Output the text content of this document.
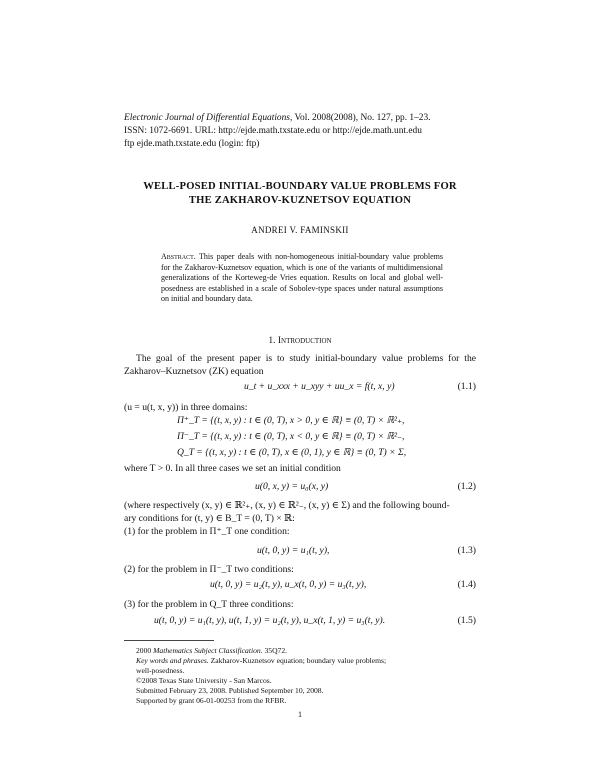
Electronic Journal of Differential Equations, Vol. 2008(2008), No. 127, pp. 1–23.
ISSN: 1072-6691. URL: http://ejde.math.txstate.edu or http://ejde.math.unt.edu
ftp ejde.math.txstate.edu (login: ftp)
WELL-POSED INITIAL-BOUNDARY VALUE PROBLEMS FOR
THE ZAKHAROV-KUZNETSOV EQUATION
ANDREI V. FAMINSKII
Abstract. This paper deals with non-homogeneous initial-boundary value problems for the Zakharov-Kuznetsov equation, which is one of the variants of multidimensional generalizations of the Korteweg-de Vries equation. Results on local and global well-posedness are established in a scale of Sobolev-type spaces under natural assumptions on initial and boundary data.
1. Introduction
The goal of the present paper is to study initial-boundary value problems for the Zakharov–Kuznetsov (ZK) equation
u_t + u_xxx + u_xyy + uu_x = f(t, x, y)	(1.1)
(u = u(t, x, y)) in three domains:
Π⁺_T = {(t, x, y) : t ∈ (0, T), x > 0, y ∈ ℝ} ≡ (0, T) × ℝ²₊,
Π⁻_T = {(t, x, y) : t ∈ (0, T), x < 0, y ∈ ℝ} ≡ (0, T) × ℝ²₋,
Q_T = {(t, x, y) : t ∈ (0, T), x ∈ (0, 1), y ∈ ℝ} ≡ (0, T) × Σ,
where T > 0. In all three cases we set an initial condition
u(0, x, y) = u₀(x, y)	(1.2)
(where respectively (x, y) ∈ ℝ²₊, (x, y) ∈ ℝ²₋, (x, y) ∈ Σ) and the following bound-
ary conditions for (t, y) ∈ B_T = (0, T) × ℝ:
(1) for the problem in Π⁺_T one condition:
u(t, 0, y) = u₁(t, y),	(1.3)
(2) for the problem in Π⁻_T two conditions:
u(t, 0, y) = u₂(t, y), u_x(t, 0, y) = u₃(t, y),	(1.4)
(3) for the problem in Q_T three conditions:
u(t, 0, y) = u₁(t, y), u(t, 1, y) = u₂(t, y), u_x(t, 1, y) = u₃(t, y).	(1.5)
2000 Mathematics Subject Classification. 35Q72.
Key words and phrases. Zakharov-Kuznetsov equation; boundary value problems;
well-posedness.
©2008 Texas State University - San Marcos.
Submitted February 23, 2008. Published September 10, 2008.
Supported by grant 06-01-00253 from the RFBR.
1
